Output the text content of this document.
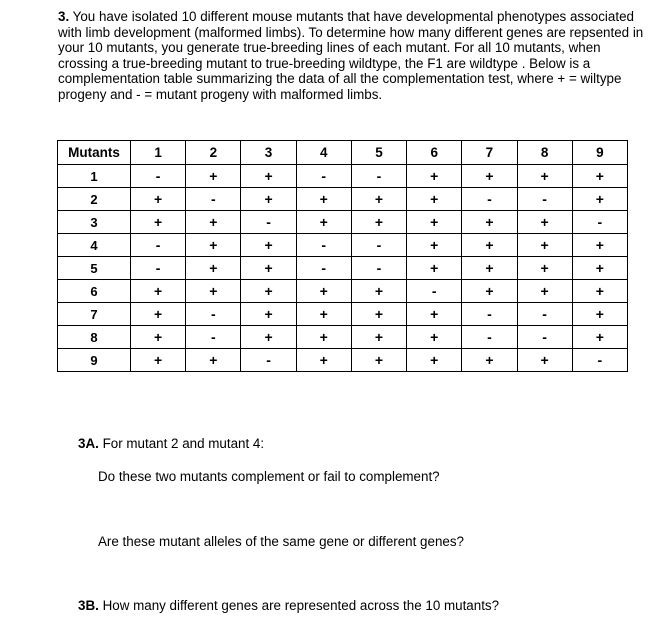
3. You have isolated 10 different mouse mutants that have developmental phenotypes associated with limb development (malformed limbs). To determine how many different genes are repsented in your 10 mutants, you generate true-breeding lines of each mutant. For all 10 mutants, when crossing a true-breeding mutant to true-breeding wildtype, the F1 are wildtype . Below is a complementation table summarizing the data of all the complementation test, where + = wiltype progeny and - = mutant progeny with malformed limbs.

Mutants	1	2	3	4	5	6	7	8	9
1	-	+	+	-	-	+	+	+	+
2	+	-	+	+	+	+	-	-	+
3	+	+	-	+	+	+	+	+	-
4	-	+	+	-	-	+	+	+	+
5	-	+	+	-	-	+	+	+	+
6	+	+	+	+	+	-	+	+	+
7	+	-	+	+	+	+	-	-	+
8	+	-	+	+	+	+	-	-	+
9	+	+	-	+	+	+	+	+	-

3A. For mutant 2 and mutant 4:

Do these two mutants complement or fail to complement?

Are these mutant alleles of the same gene or different genes?

3B. How many different genes are represented across the 10 mutants?
